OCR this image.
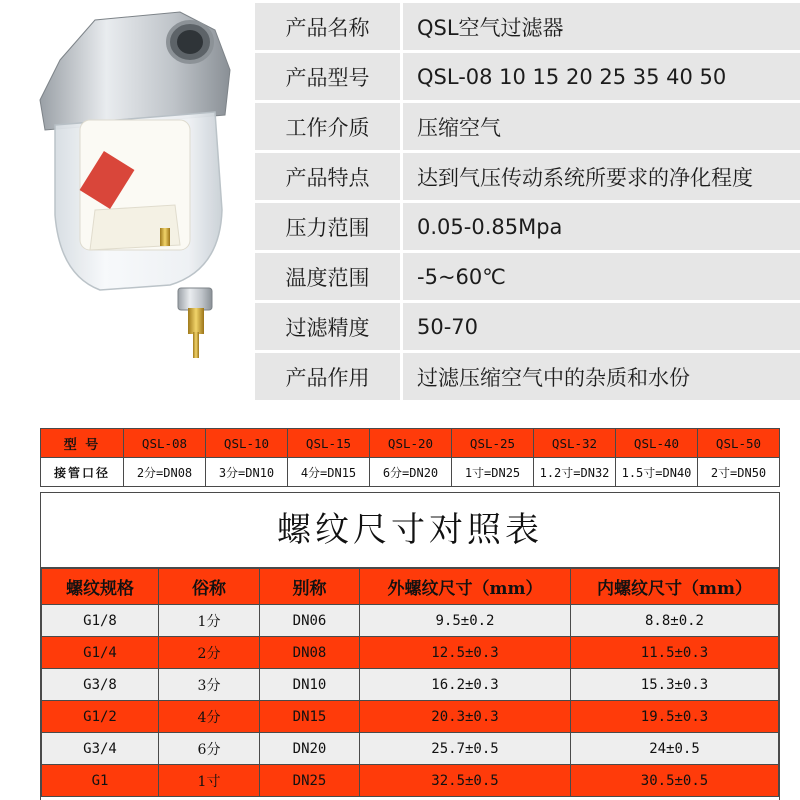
产品名称	QSL空气过滤器
产品型号	QSL-08 10 15 20 25 35 40 50
工作介质	压缩空气
产品特点	达到气压传动系统所要求的净化程度
压力范围	0.05-0.85Mpa
温度范围	-5~60℃
过滤精度	50-70
产品作用	过滤压缩空气中的杂质和水份
型 号	QSL-08	QSL-10	QSL-15	QSL-20	QSL-25	QSL-32	QSL-40	QSL-50
接管口径	2分=DN08	3分=DN10	4分=DN15	6分=DN20	1寸=DN25	1.2寸=DN32	1.5寸=DN40	2寸=DN50
螺纹尺寸对照表
螺纹规格	俗称	别称	外螺纹尺寸（mm）	内螺纹尺寸（mm）
G1/8	1分	DN06	9.5±0.2	8.8±0.2
G1/4	2分	DN08	12.5±0.3	11.5±0.3
G3/8	3分	DN10	16.2±0.3	15.3±0.3
G1/2	4分	DN15	20.3±0.3	19.5±0.3
G3/4	6分	DN20	25.7±0.5	24±0.5
G1	1寸	DN25	32.5±0.5	30.5±0.5
